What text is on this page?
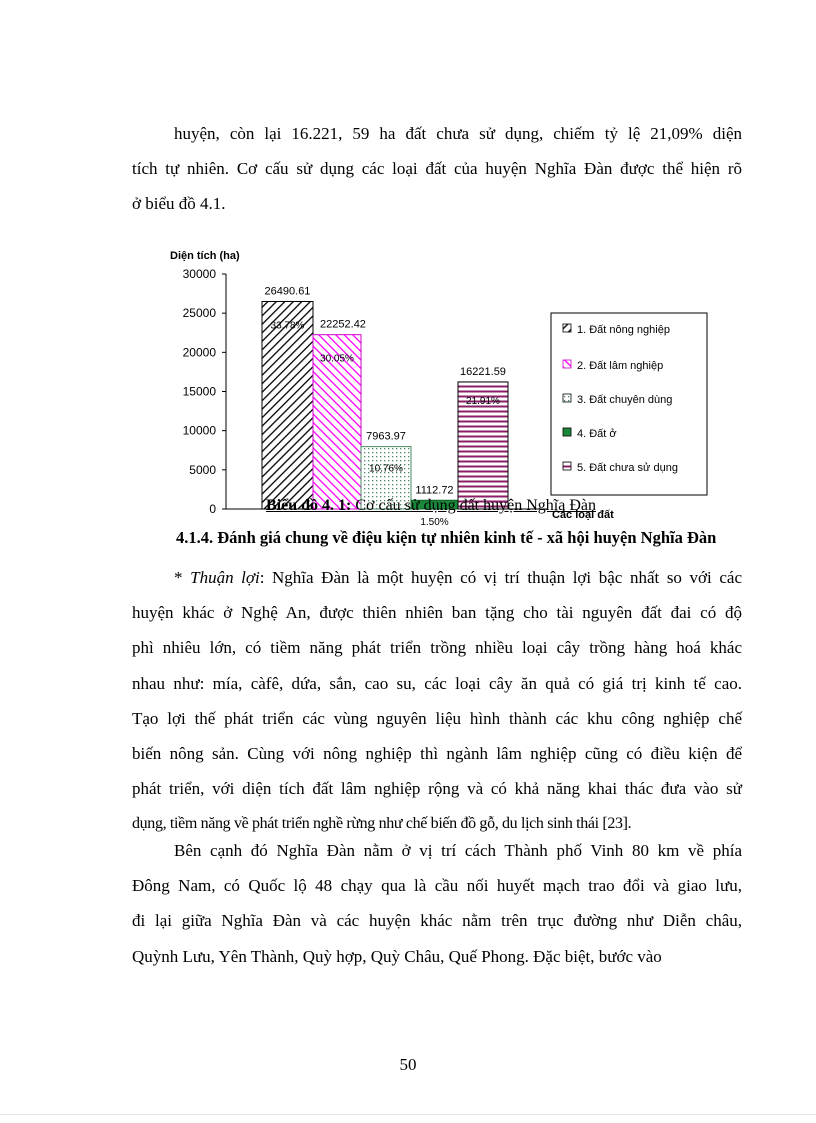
huyện, còn lại 16.221, 59 ha đất chưa sử dụng, chiếm tỷ lệ 21,09% diện
tích tự nhiên. Cơ cấu sử dụng các loại đất của huyện Nghĩa Đàn được thể hiện rõ
ở biểu đồ 4.1.
Diện tích (ha)
0
5000
10000
15000
20000
25000
30000
26490.61
33.78% 22252.42
30.05%
7963.97
10.76%
1112.72
1.50%
16221.59
21.91%
1. Đất nông nghiệp
2. Đất lâm nghiệp
3. Đất chuyên dùng
4. Đất ở
5. Đất chưa sử dụng
Các loại đất
Biểu đồ 4. 1: Cơ cấu sử dụng đất huyện Nghĩa Đàn
4.1.4. Đánh giá chung về điệu kiện tự nhiên kinh tế - xã hội huyện Nghĩa Đàn
* Thuận lợi: Nghĩa Đàn là một huyện có vị trí thuận lợi bậc nhất so với các
huyện khác ở Nghệ An, được thiên nhiên ban tặng cho tài nguyên đất đai có độ
phì nhiêu lớn, có tiềm năng phát triển trồng nhiều loại cây trồng hàng hoá khác
nhau như: mía, càfê, dứa, sắn, cao su, các loại cây ăn quả có giá trị kinh tế cao.
Tạo lợi thế phát triển các vùng nguyên liệu hình thành các khu công nghiệp chế
biến nông sản. Cùng với nông nghiệp thì ngành lâm nghiệp cũng có điều kiện để
phát triển, với diện tích đất lâm nghiệp rộng và có khả năng khai thác đưa vào sử
dụng, tiềm năng về phát triển nghề rừng như chế biến đồ gỗ, du lịch sinh thái [23].
Bên cạnh đó Nghĩa Đàn nằm ở vị trí cách Thành phố Vinh 80 km về phía
Đông Nam, có Quốc lộ 48 chạy qua là cầu nối huyết mạch trao đổi và giao lưu,
đi lại giữa Nghĩa Đàn và các huyện khác nằm trên trục đường như Diễn châu,
Quỳnh Lưu, Yên Thành, Quỳ hợp, Quỳ Châu, Quế Phong. Đặc biệt, bước vào
50
